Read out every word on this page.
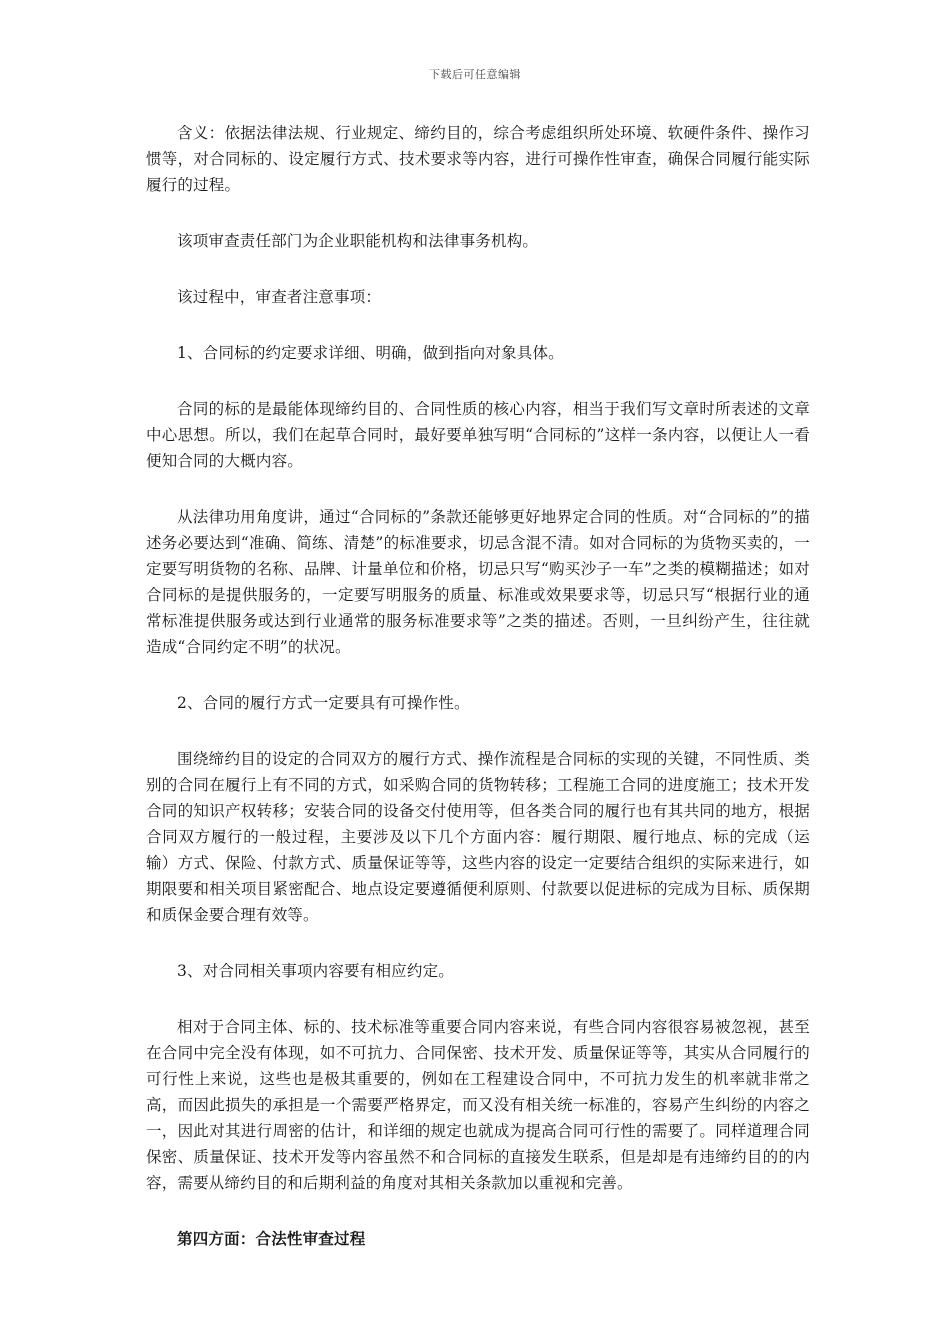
下载后可任意编辑

含义：依据法律法规、行业规定、缔约目的，综合考虑组织所处环境、软硬件条件、操作习惯等，对合同标的、设定履行方式、技术要求等内容，进行可操作性审查，确保合同履行能实际履行的过程。

该项审查责任部门为企业职能机构和法律事务机构。

该过程中，审查者注意事项：

1、合同标的约定要求详细、明确，做到指向对象具体。

合同的标的是最能体现缔约目的、合同性质的核心内容，相当于我们写文章时所表述的文章中心思想。所以，我们在起草合同时，最好要单独写明“合同标的”这样一条内容，以便让人一看便知合同的大概内容。

从法律功用角度讲，通过“合同标的”条款还能够更好地界定合同的性质。对“合同标的”的描述务必要达到“准确、简练、清楚”的标准要求，切忌含混不清。如对合同标的为货物买卖的，一定要写明货物的名称、品牌、计量单位和价格，切忌只写“购买沙子一车”之类的模糊描述；如对合同标的是提供服务的，一定要写明服务的质量、标准或效果要求等，切忌只写“根据行业的通常标准提供服务或达到行业通常的服务标准要求等”之类的描述。否则，一旦纠纷产生，往往就造成“合同约定不明”的状况。

2、合同的履行方式一定要具有可操作性。

围绕缔约目的设定的合同双方的履行方式、操作流程是合同标的实现的关键，不同性质、类别的合同在履行上有不同的方式，如采购合同的货物转移；工程施工合同的进度施工；技术开发合同的知识产权转移；安装合同的设备交付使用等，但各类合同的履行也有其共同的地方，根据合同双方履行的一般过程，主要涉及以下几个方面内容：履行期限、履行地点、标的完成（运输）方式、保险、付款方式、质量保证等等，这些内容的设定一定要结合组织的实际来进行，如期限要和相关项目紧密配合、地点设定要遵循便利原则、付款要以促进标的完成为目标、质保期和质保金要合理有效等。

3、对合同相关事项内容要有相应约定。

相对于合同主体、标的、技术标准等重要合同内容来说，有些合同内容很容易被忽视，甚至在合同中完全没有体现，如不可抗力、合同保密、技术开发、质量保证等等，其实从合同履行的可行性上来说，这些也是极其重要的，例如在工程建设合同中，不可抗力发生的机率就非常之高，而因此损失的承担是一个需要严格界定，而又没有相关统一标准的，容易产生纠纷的内容之一，因此对其进行周密的估计，和详细的规定也就成为提高合同可行性的需要了。同样道理合同保密、质量保证、技术开发等内容虽然不和合同标的直接发生联系，但是却是有违缔约目的的内容，需要从缔约目的和后期利益的角度对其相关条款加以重视和完善。

第四方面：合法性审查过程
